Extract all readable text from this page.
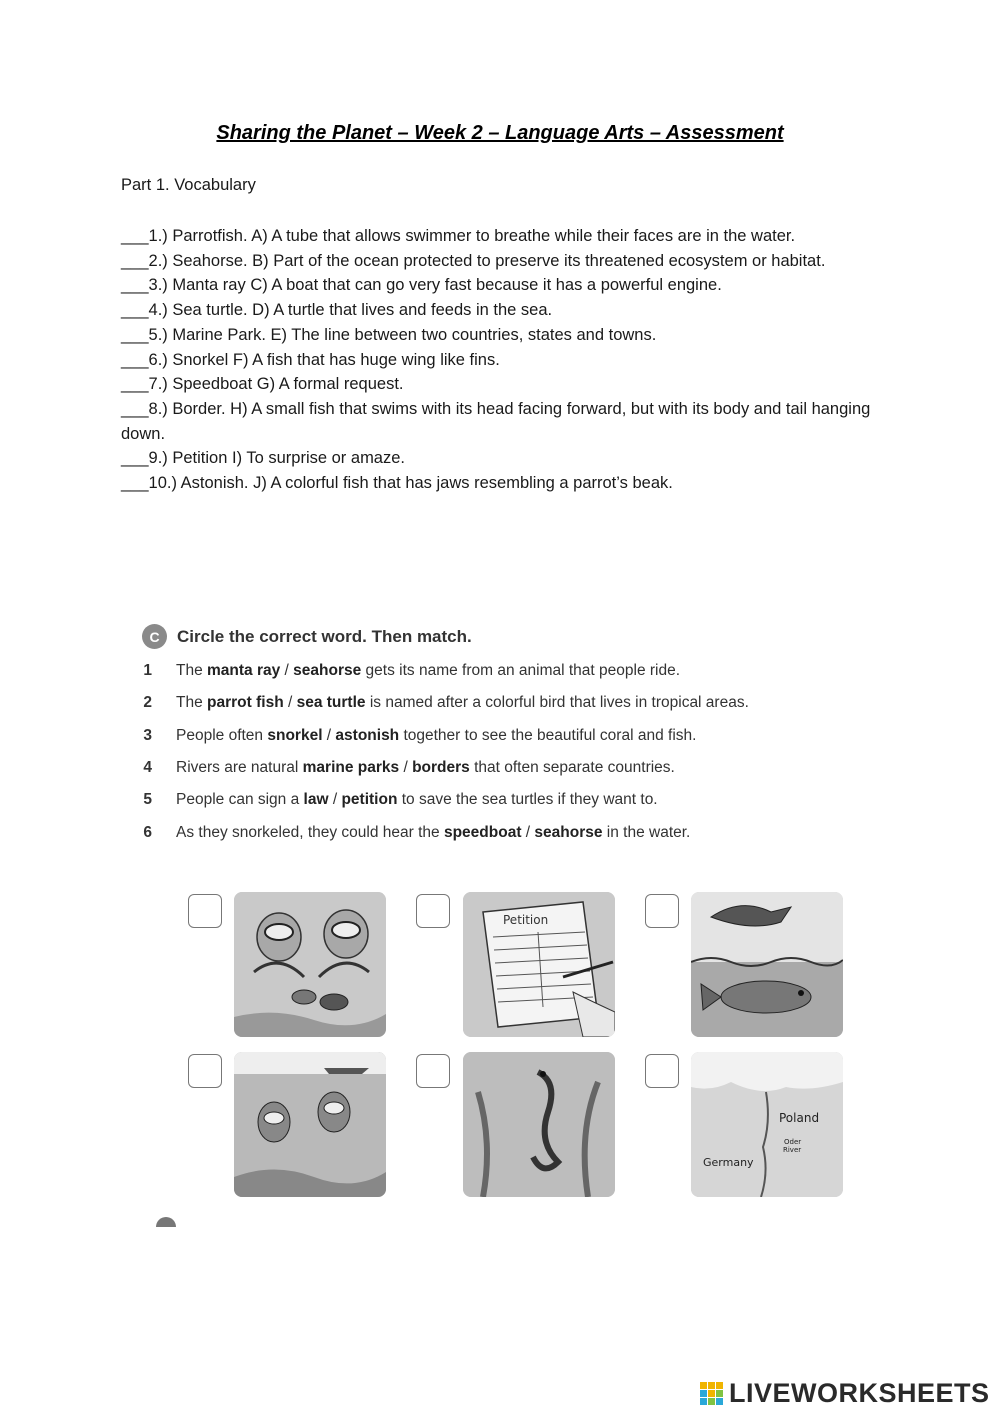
Sharing the Planet – Week 2 – Language Arts – Assessment
Part 1. Vocabulary

___1.) Parrotfish. A) A tube that allows swimmer to breathe while their faces are in the water.

___2.) Seahorse. B) Part of the ocean protected to preserve its threatened ecosystem or habitat.

___3.) Manta ray C) A boat that can go very fast because it has a powerful engine.

___4.) Sea turtle. D) A turtle that lives and feeds in the sea.

___5.) Marine Park. E) The line between two countries, states and towns.

___6.) Snorkel F) A fish that has huge wing like fins.

___7.) Speedboat G) A formal request.

___8.) Border. H) A small fish that swims with its head facing forward, but with its body and tail hanging down.

___9.) Petition I) To surprise or amaze.

___10.) Astonish. J) A colorful fish that has jaws resembling a parrot’s beak.

C	Circle the correct word. Then match.
1	The manta ray / seahorse gets its name from an animal that people ride.
2	The parrot fish / sea turtle is named after a colorful bird that lives in tropical areas.
3	People often snorkel / astonish together to see the beautiful coral and fish.
4	Rivers are natural marine parks / borders that often separate countries.
5	People can sign a law / petition to save the sea turtles if they want to.
6	As they snorkeled, they could hear the speedboat / seahorse in the water.
Petition
Poland
Oder
River
Germany
LIVEWORKSHEETS
